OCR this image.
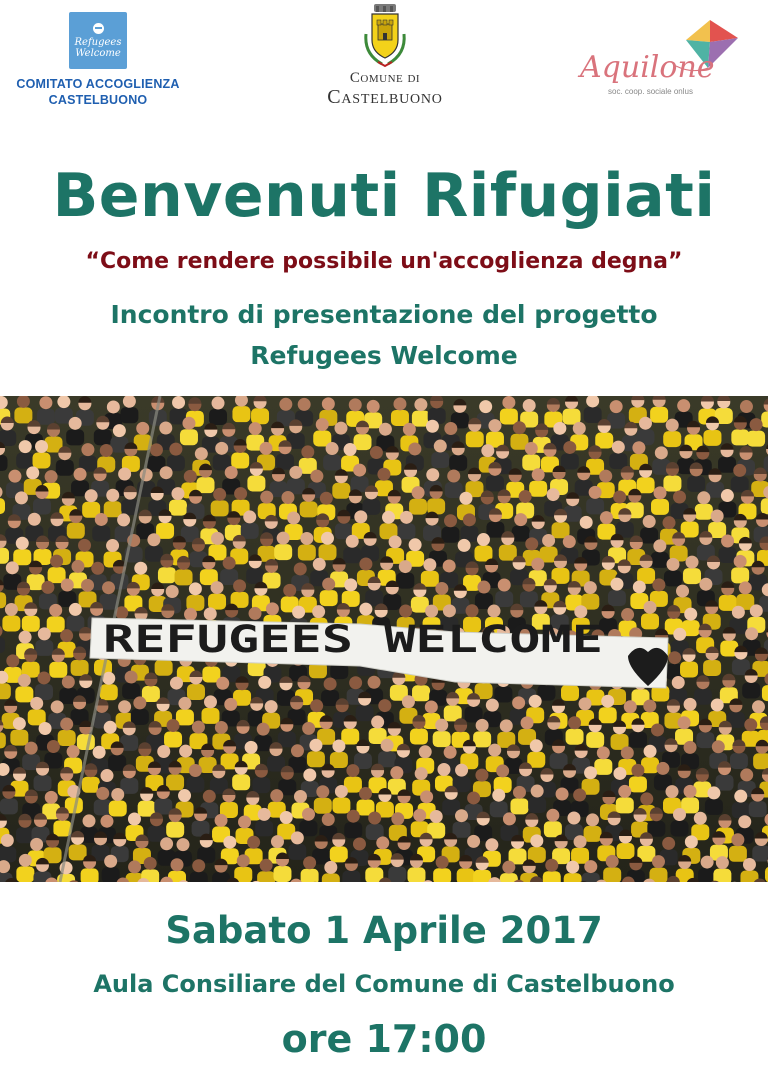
Refugees
Welcome
COMITATO ACCOGLIENZA
CASTELBUONO
Comune di
Castelbuono
Aquilone
soc. coop. sociale onlus
Benvenuti Rifugiati
“Come rendere possibile un'accoglienza degna”
Incontro di presentazione del progetto
Refugees Welcome
REFUGEES WELCOME
Sabato 1 Aprile 2017
Aula Consiliare del Comune di Castelbuono
ore 17:00
